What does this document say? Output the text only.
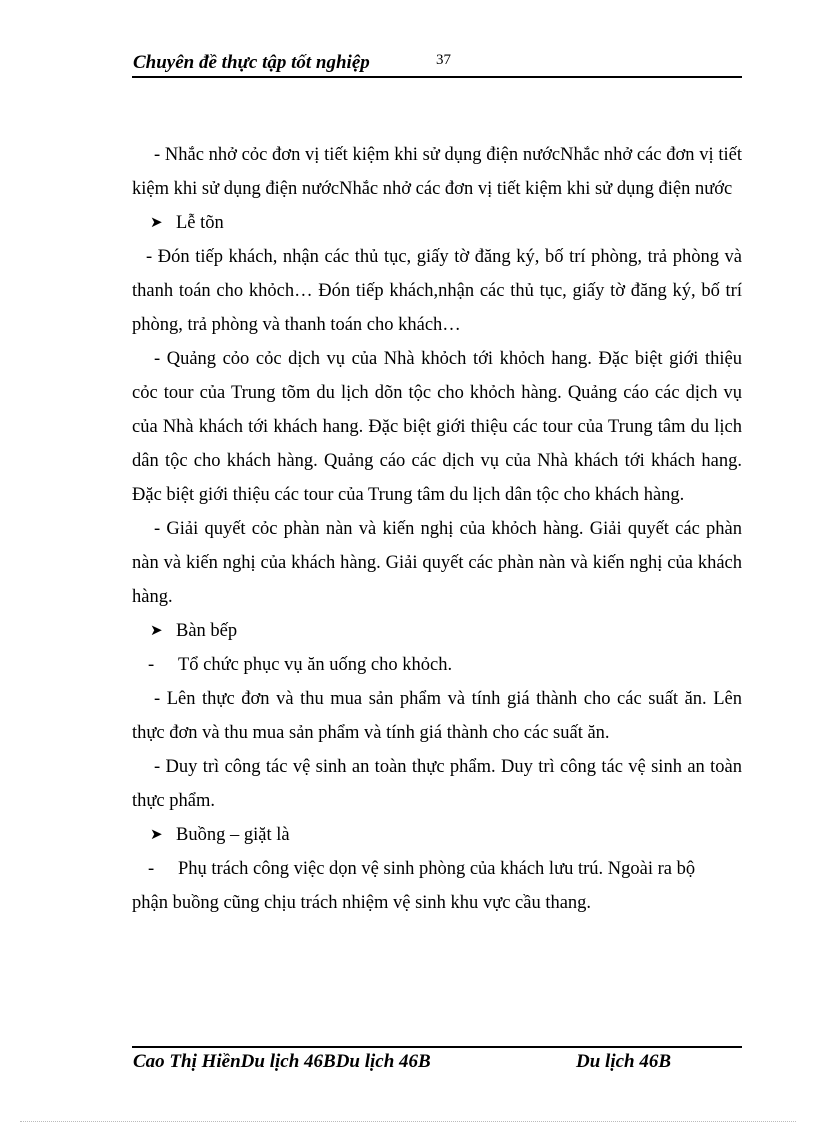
Chuyên đề thực tập tốt nghiệp	37

- Nhắc nhở cỏc đơn vị tiết kiệm khi sử dụng điện nướcNhắc nhở các đơn vị tiết kiệm khi sử dụng điện nướcNhắc nhở các đơn vị tiết kiệm khi sử dụng điện nước

➤ Lễ tõn

- Đón tiếp khách, nhận các thủ tục, giấy tờ đăng ký, bố trí phòng, trả phòng và thanh toán cho khỏch… Đón tiếp khách,nhận các thủ tục, giấy tờ đăng ký, bố trí phòng, trả phòng và thanh toán cho khách…

- Quảng cỏo cỏc dịch vụ của Nhà khỏch tới khỏch hang. Đặc biệt giới thiệu cỏc tour của Trung tõm du lịch dõn tộc cho khỏch hàng. Quảng cáo các dịch vụ của Nhà khách tới khách hang. Đặc biệt giới thiệu các tour của Trung tâm du lịch dân tộc cho khách hàng. Quảng cáo các dịch vụ của Nhà khách tới khách hang. Đặc biệt giới thiệu các tour của Trung tâm du lịch dân tộc cho khách hàng.

- Giải quyết cỏc phàn nàn và kiến nghị của khỏch hàng. Giải quyết các phàn nàn và kiến nghị của khách hàng. Giải quyết các phàn nàn và kiến nghị của khách hàng.

➤ Bàn bếp

-	Tổ chức phục vụ ăn uống cho khỏch.

- Lên thực đơn và thu mua sản phẩm và tính giá thành cho các suất ăn. Lên thực đơn và thu mua sản phẩm và tính giá thành cho các suất ăn.

- Duy trì công tác vệ sinh an toàn thực phẩm. Duy trì công tác vệ sinh an toàn thực phẩm.

➤ Buồng – giặt là

-	Phụ trách công việc dọn vệ sinh phòng của khách lưu trú. Ngoài ra bộ

phận buồng cũng chịu trách nhiệm vệ sinh khu vực cầu thang.

Cao Thị HiềnDu lịch 46BDu lịch 46B	Du lịch 46B
